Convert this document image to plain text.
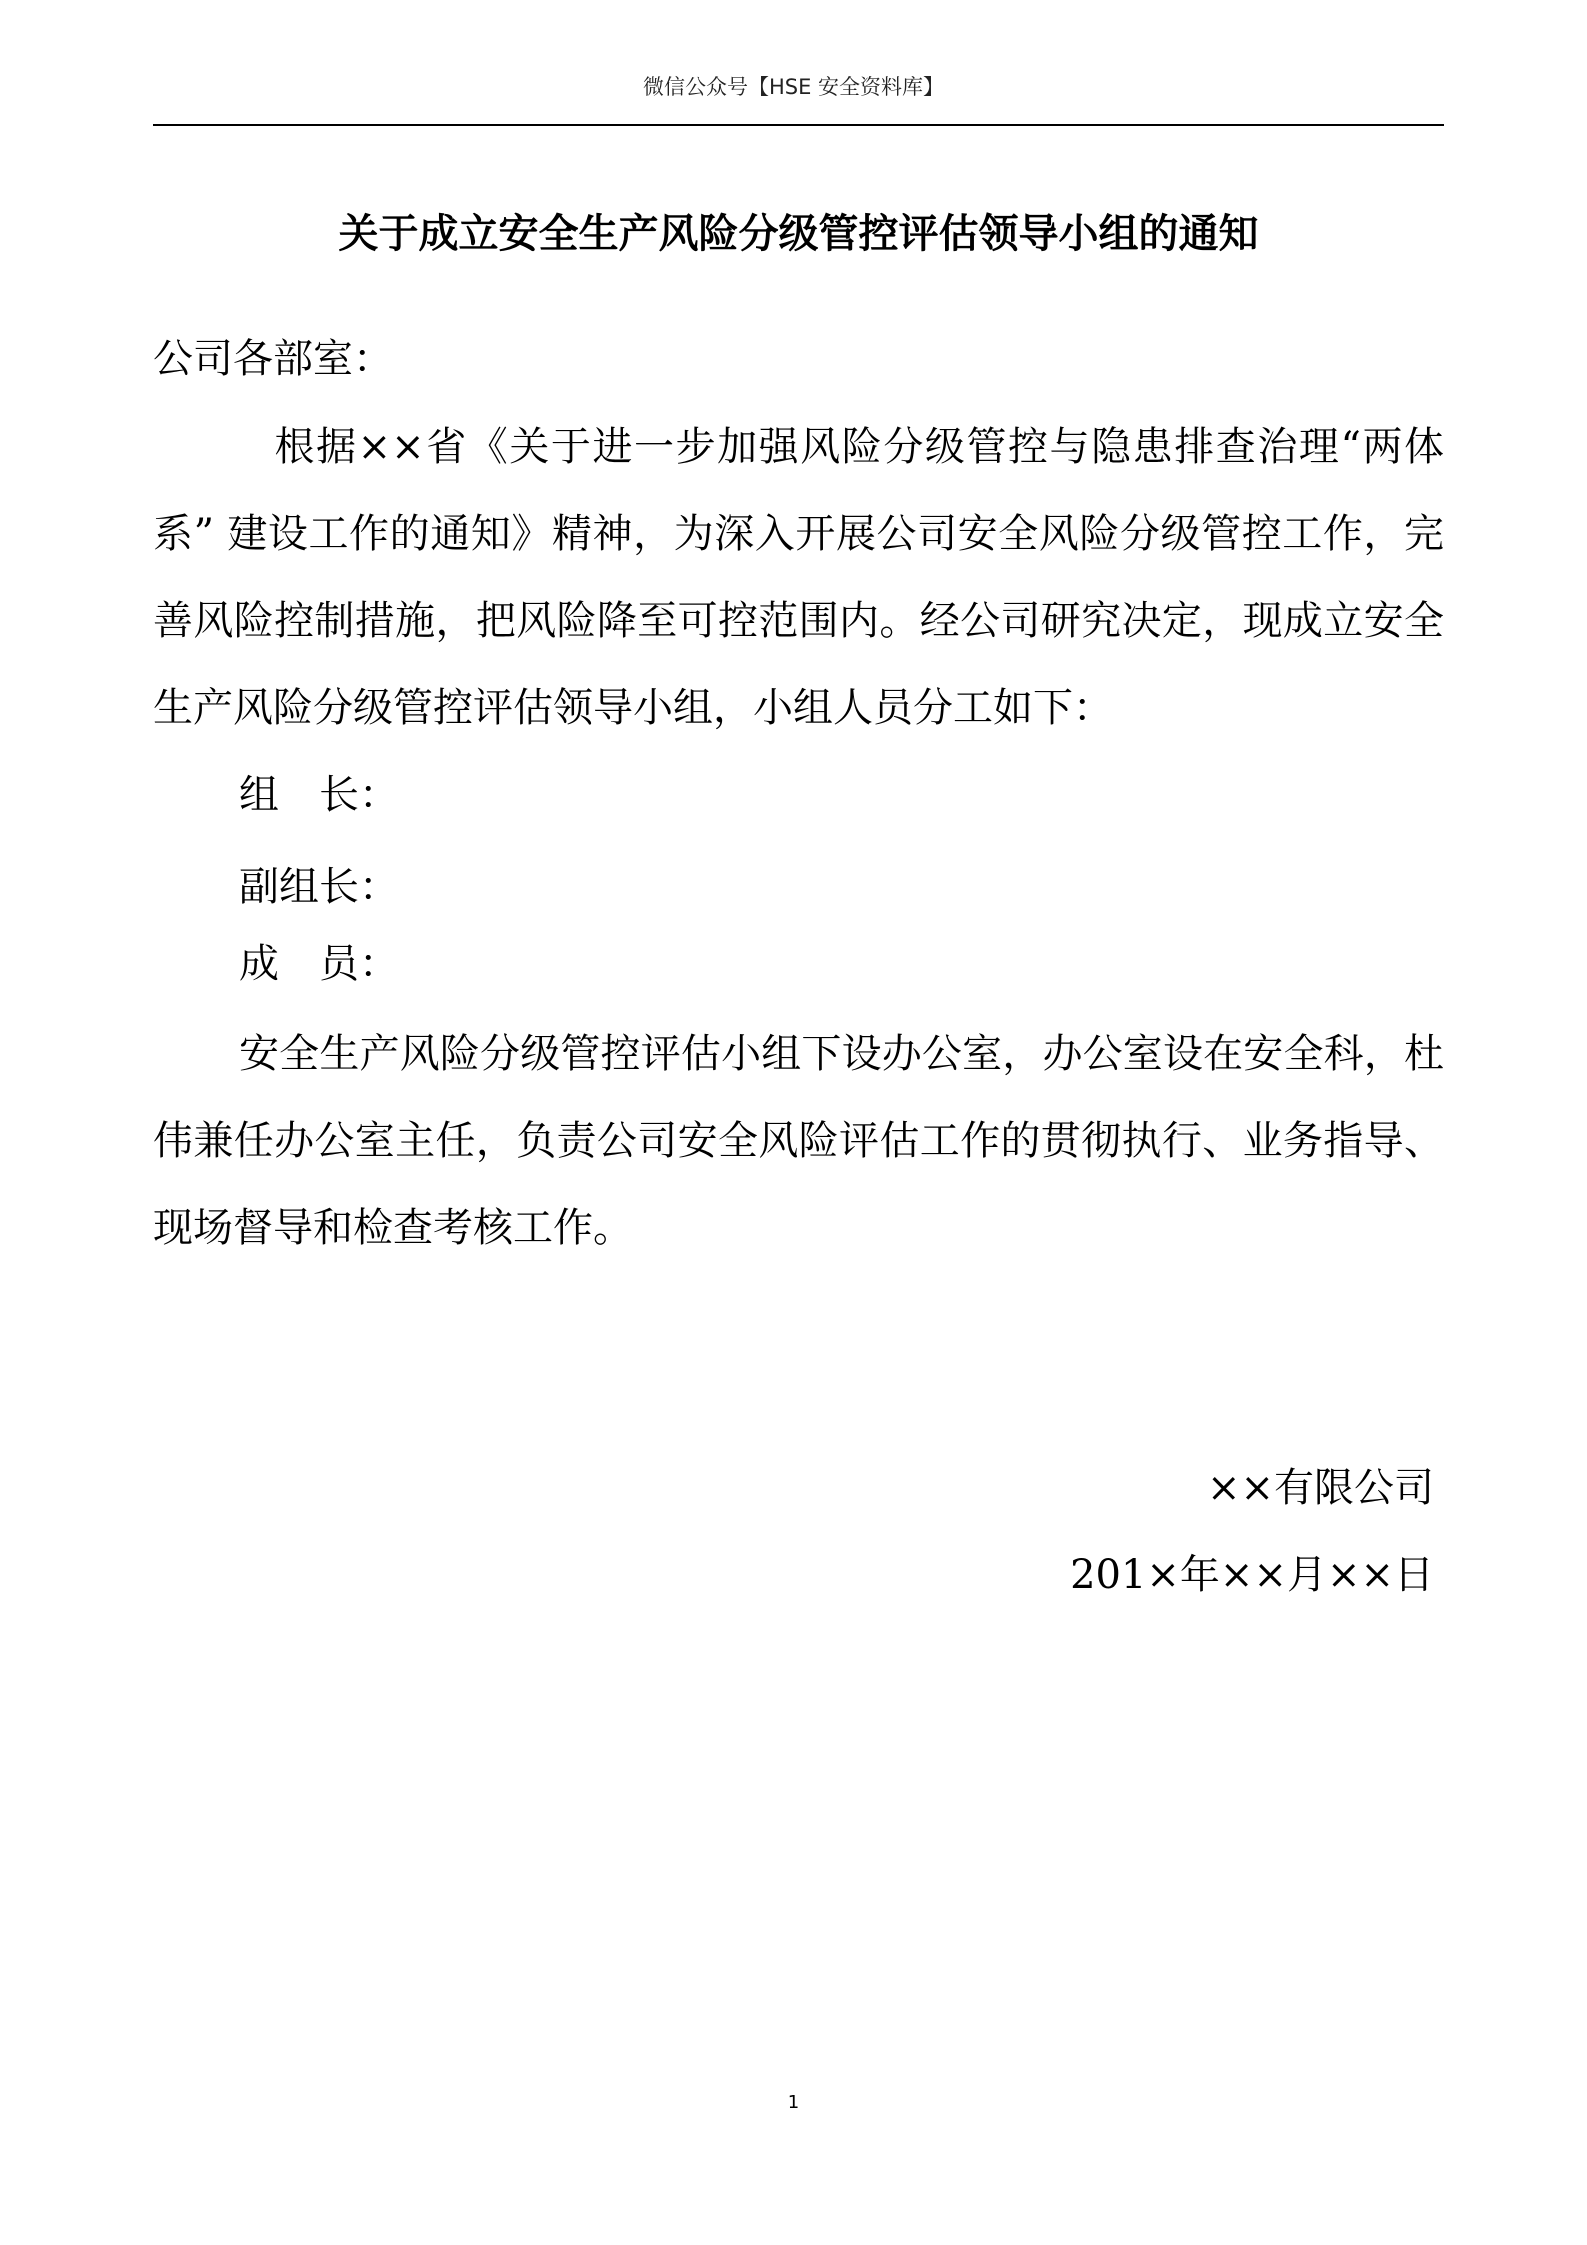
微信公众号【HSE 安全资料库】
关于成立安全生产风险分级管控评估领导小组的通知
公司各部室：
　根据××省《关于进一步加强风险分级管控与隐患排查治理“两体系” 建设工作的通知》精神，为深入开展公司安全风险分级管控工作，完善风险控制措施，把风险降至可控范围内。经公司研究决定，现成立安全生产风险分级管控评估领导小组，小组人员分工如下：
组　长：
副组长：
成　员：
安全生产风险分级管控评估小组下设办公室，办公室设在安全科，杜伟兼任办公室主任，负责公司安全风险评估工作的贯彻执行、业务指导、现场督导和检查考核工作。
××有限公司
201×年××月××日
1
